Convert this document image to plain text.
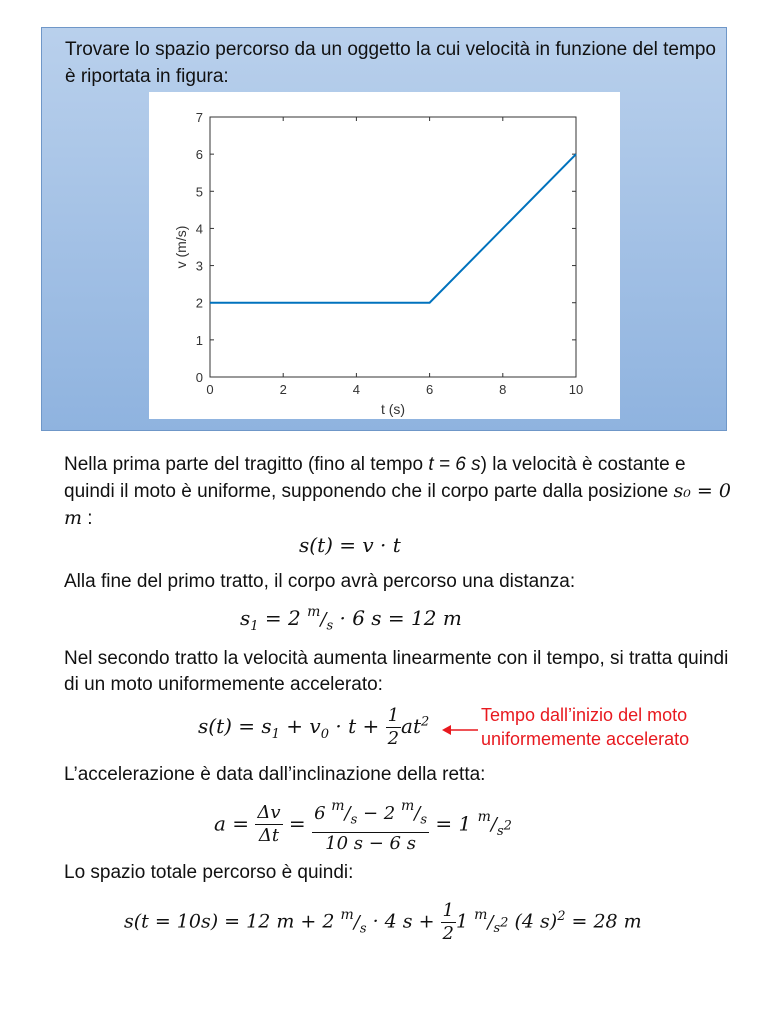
Trovare lo spazio percorso da un oggetto la cui velocità in funzione del tempo è riportata in figura:
0	2	4	6	8	10
0
1
2
3
4
5
6
7
t (s)
v (m/s)
Nella prima parte del tragitto (fino al tempo t = 6 s) la velocità è costante e quindi il moto è uniforme, supponendo che il corpo parte dalla posizione s₀ = 0 m :
s(t) = v · t
Alla fine del primo tratto, il corpo avrà percorso una distanza:
$s_1 = 2$ $^m/_s \cdot 6$ s = 12 m
Nel secondo tratto la velocità aumenta linearmente con il tempo, si tratta quindi di un moto uniformemente accelerato:
$s(t) = s_1 + v_0 \cdot t + \frac{1}{2} at^2$	Tempo dall’inizio del moto
uniformemente accelerato
L’accelerazione è data dall’inclinazione della retta:
$a = \frac{\Delta v}{\Delta t} = \frac{6 ^m/_s - 2 ^m/_s}{10 s - 6 s} = 1$ $^m/_{s^2}$
Lo spazio totale percorso è quindi:
s(t = 10s) = 12 m + 2 $^m/_s \cdot 4$ $s + \frac{1}{2} 1$ $^m/_{s^2}$ (4 s)$^2$ = 28 m
